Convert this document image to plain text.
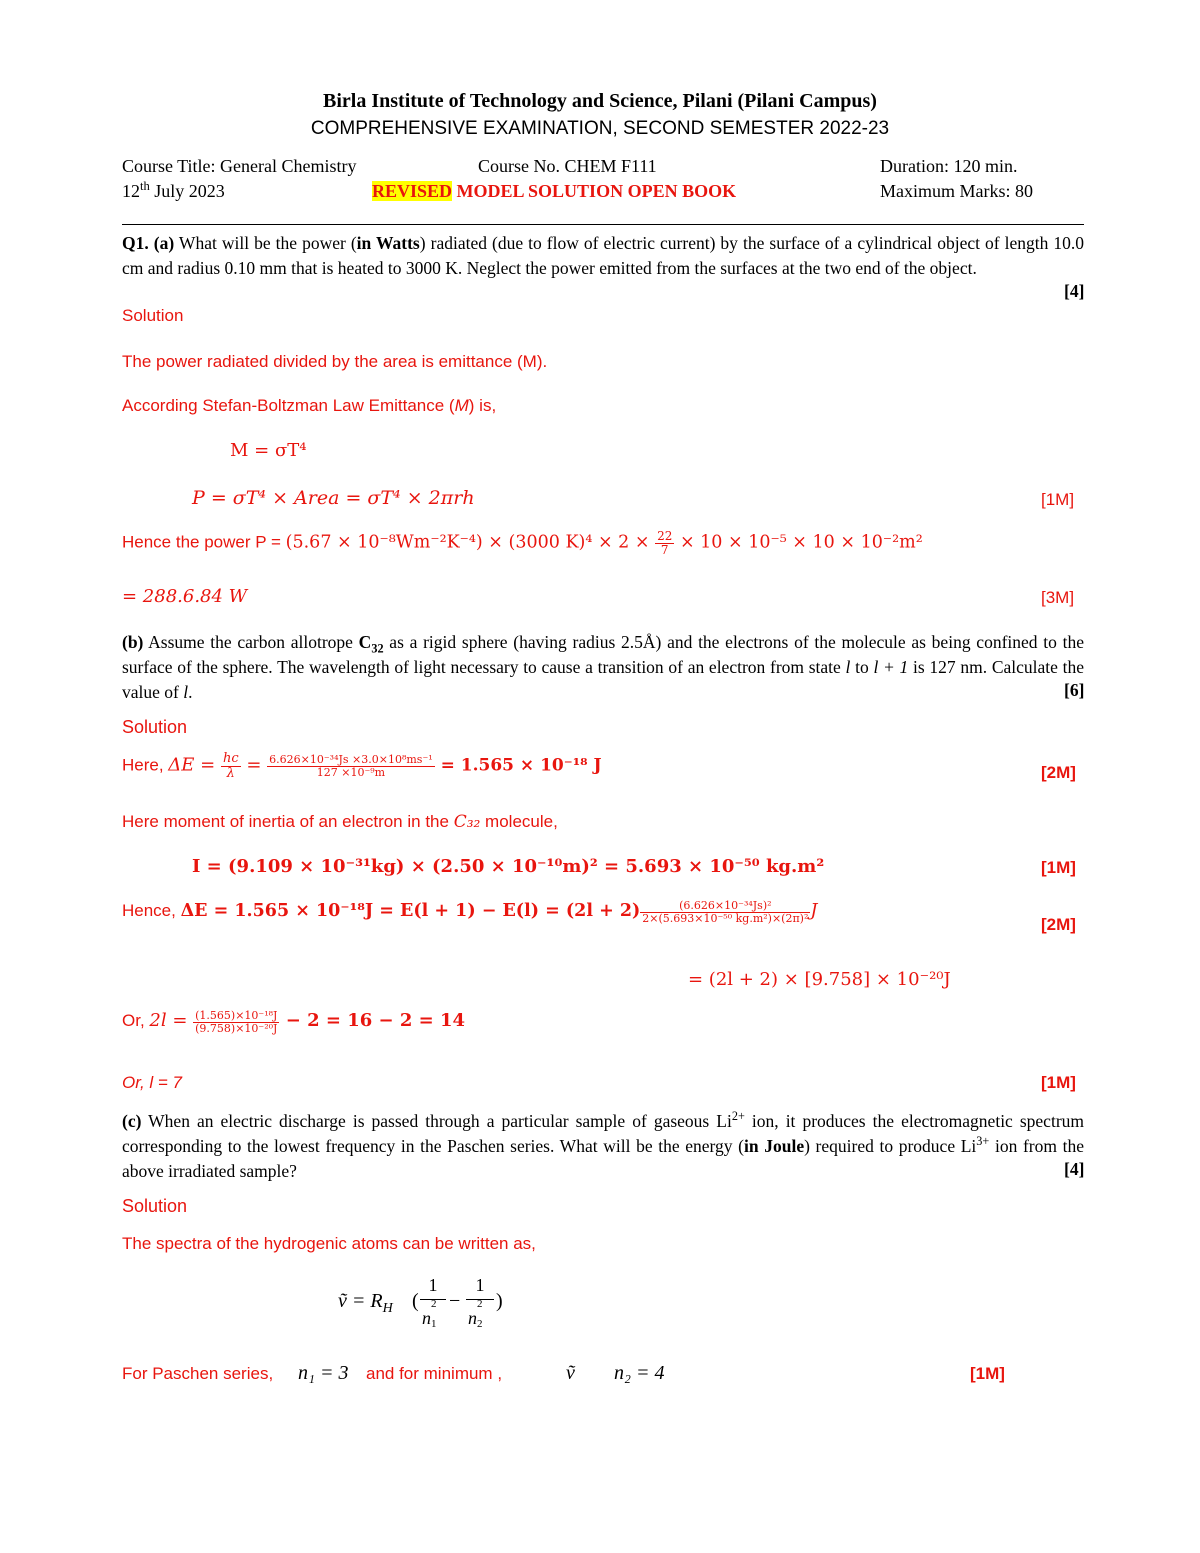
Birla Institute of Technology and Science, Pilani (Pilani Campus)
COMPREHENSIVE EXAMINATION, SECOND SEMESTER 2022-23
Course Title: General Chemistry	Course No. CHEM F111	Duration: 120 min.
12th July 2023	REVISED MODEL SOLUTION OPEN BOOK	Maximum Marks: 80
Q1. (a) What will be the power (in Watts) radiated (due to flow of electric current) by the surface of a cylindrical object of length 10.0 cm and radius 0.10 mm that is heated to 3000 K. Neglect the power emitted from the surfaces at the two end of the object.
[4]
Solution
The power radiated divided by the area is emittance (M).
According Stefan-Boltzman Law Emittance (M) is,
M = σT⁴
P = σT⁴ × Area = σT⁴ × 2πrh	[1M]
Hence the power P = (5.67 × 10⁻⁸Wm⁻²K⁻⁴) × (3000 $K)^4 \times 2 \times \frac{22}{7} \times 10 \times 10^{-5} \times 10 \times 10^{-2}m^2$
= 288.6.84 W	[3M]
(b) Assume the carbon allotrope $C_{32}$ as a rigid sphere (having radius 2.5Å) and the electrons of the molecule as being confined to the surface of the sphere. The wavelength of light necessary to cause a transition of an electron from state l to l + 1 is 127 nm. Calculate the value of l.	[6]
Solution
Here, $\Delta E = \frac{hc}{\lambda} = \frac{\text{6.626×10⁻³⁴Js ×3.0×10⁸ms⁻¹}}{\text{127 ×10⁻⁹m}} = 1.565 \times 10^{-18}$ J	[2M]
Here moment of inertia of an electron in the C₃₂ molecule,
I = (9.109 × 10⁻³¹kg) × (2.50 × 10⁻¹⁰m)² = 5.693 × 10⁻⁵⁰ kg.m²	[1M]
Hence, $\Delta E = 1.565 \times 10^{-18}J = E(l + 1) - E(l) = (2l + 2) \frac{\text{(6.626×10⁻³⁴Js)²}}{\text{2×(5.693×10⁻⁵⁰ kg.m²)×(2π)²}}$ J
[2M]
= (2l + 2) × [9.758] × 10⁻²⁰J
Or, $2l = \frac{\text{(1.565)×10⁻¹⁸J}}{\text{(9.758)×10⁻²⁰J}} - 2 = 16 - 2 = 14$
Or, l = 7	[1M]
(c) When an electric discharge is passed through a particular sample of gaseous $Li^{2+}$ ion, it produces the electromagnetic spectrum corresponding to the lowest frequency in the Paschen series. What will be the energy (in Joule) required to produce $Li^{3+}$ ion from the above irradiated sample?	[4]
Solution
The spectra of the hydrogenic atoms can be written as,
ṽ = $R_H$ (
1
n
2
1
−
1
n
2
2
)
For Paschen series, n₁ = 3 and for minimum ,	ṽ n₂ = 4	[1M]
